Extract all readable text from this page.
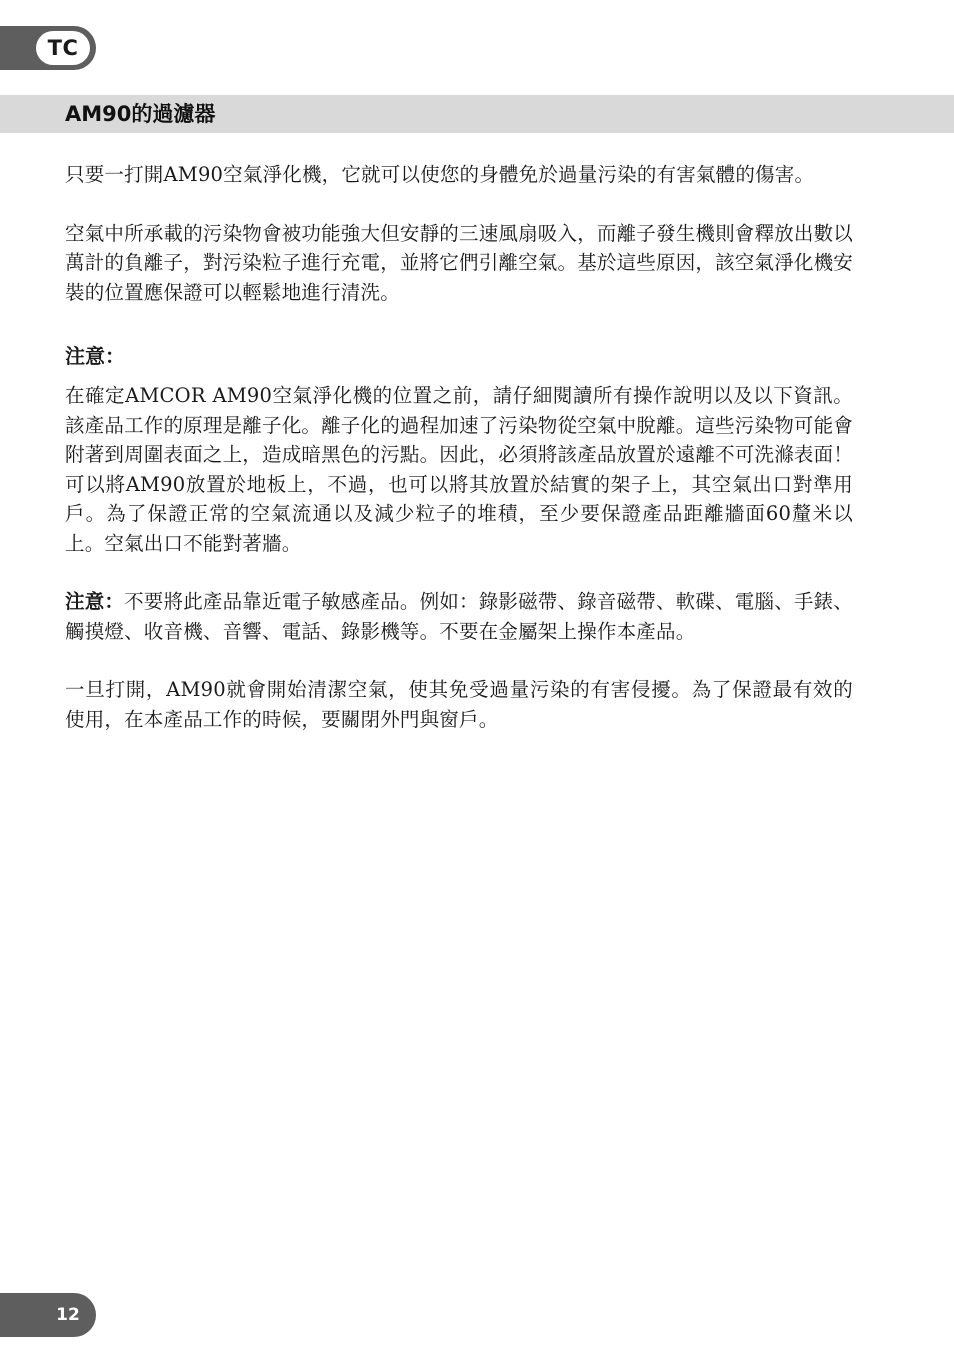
TC
AM90的過濾器

只要一打開AM90空氣淨化機，它就可以使您的身體免於過量污染的有害氣體的傷害。

空氣中所承載的污染物會被功能強大但安靜的三速風扇吸入，而離子發生機則會釋放出數以萬計的負離子，對污染粒子進行充電，並將它們引離空氣。基於這些原因，該空氣淨化機安裝的位置應保證可以輕鬆地進行清洗。

注意：

在確定AMCOR AM90空氣淨化機的位置之前，請仔細閱讀所有操作說明以及以下資訊。該產品工作的原理是離子化。離子化的過程加速了污染物從空氣中脫離。這些污染物可能會附著到周圍表面之上，造成暗黑色的污點。因此，必須將該產品放置於遠離不可洗滌表面！可以將AM90放置於地板上，不過，也可以將其放置於結實的架子上，其空氣出口對準用戶。為了保證正常的空氣流通以及減少粒子的堆積，至少要保證產品距離牆面60釐米以上。空氣出口不能對著牆。

注意：不要將此產品靠近電子敏感產品。例如：錄影磁帶、錄音磁帶、軟碟、電腦、手錶、觸摸燈、收音機、音響、電話、錄影機等。不要在金屬架上操作本產品。

一旦打開，AM90就會開始清潔空氣，使其免受過量污染的有害侵擾。為了保證最有效的使用，在本產品工作的時候，要關閉外門與窗戶。

12
